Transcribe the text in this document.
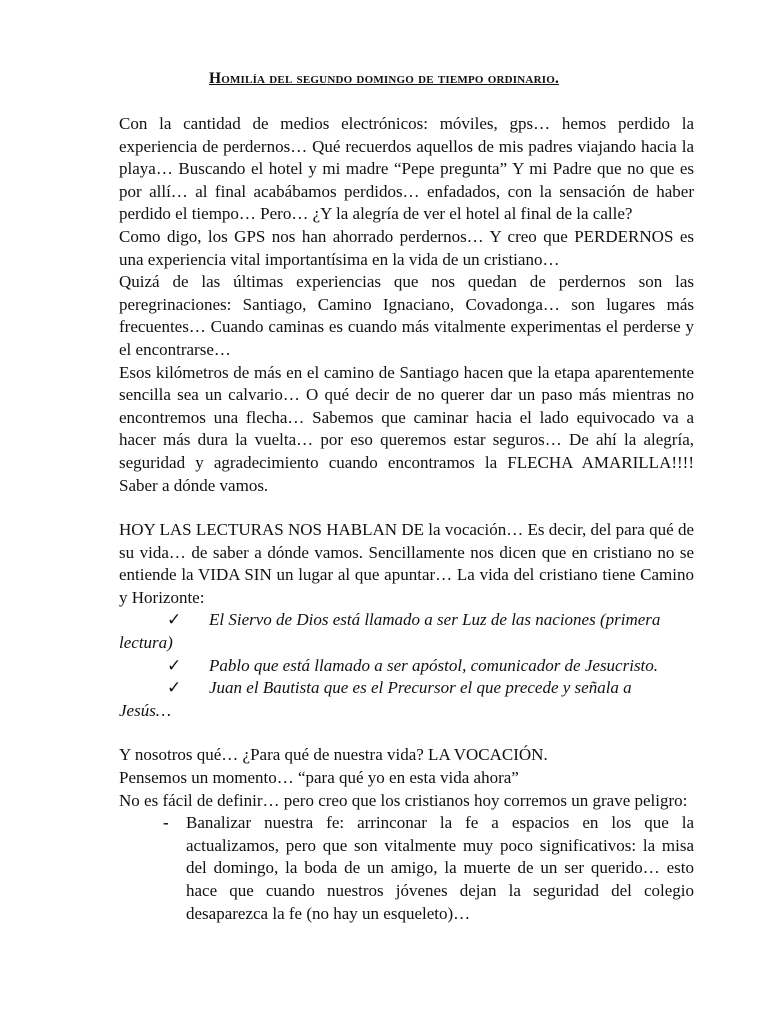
Homilía del segundo domingo de tiempo ordinario.

Con la cantidad de medios electrónicos: móviles, gps… hemos perdido la experiencia de perdernos… Qué recuerdos aquellos de mis padres viajando hacia la playa… Buscando el hotel y mi madre “Pepe pregunta” Y mi Padre que no que es por allí… al final acabábamos perdidos… enfadados, con la sensación de haber perdido el tiempo… Pero… ¿Y la alegría de ver el hotel al final de la calle?

Como digo, los GPS nos han ahorrado perdernos… Y creo que PERDERNOS es una experiencia vital importantísima en la vida de un cristiano…

Quizá de las últimas experiencias que nos quedan de perdernos son las peregrinaciones: Santiago, Camino Ignaciano, Covadonga… son lugares más frecuentes… Cuando caminas es cuando más vitalmente experimentas el perderse y el encontrarse…

Esos kilómetros de más en el camino de Santiago hacen que la etapa aparentemente sencilla sea un calvario… O qué decir de no querer dar un paso más mientras no encontremos una flecha… Sabemos que caminar hacia el lado equivocado va a hacer más dura la vuelta… por eso queremos estar seguros… De ahí la alegría, seguridad y agradecimiento cuando encontramos la FLECHA AMARILLA!!!! Saber a dónde vamos.

HOY LAS LECTURAS NOS HABLAN DE la vocación… Es decir, del para qué de su vida… de saber a dónde vamos. Sencillamente nos dicen que en cristiano no se entiende la VIDA SIN un lugar al que apuntar… La vida del cristiano tiene Camino y Horizonte:

✓ El Siervo de Dios está llamado a ser Luz de las naciones (primera
lectura)
✓ Pablo que está llamado a ser apóstol, comunicador de Jesucristo.
✓ Juan el Bautista que es el Precursor el que precede y señala a
Jesús…

Y nosotros qué… ¿Para qué de nuestra vida? LA VOCACIÓN.

Pensemos un momento… “para qué yo en esta vida ahora”

No es fácil de definir… pero creo que los cristianos hoy corremos un grave peligro:

- Banalizar nuestra fe: arrinconar la fe a espacios en los que la actualizamos, pero que son vitalmente muy poco significativos: la misa del domingo, la boda de un amigo, la muerte de un ser querido… esto hace que cuando nuestros jóvenes dejan la seguridad del colegio desaparezca la fe (no hay un esqueleto)…
